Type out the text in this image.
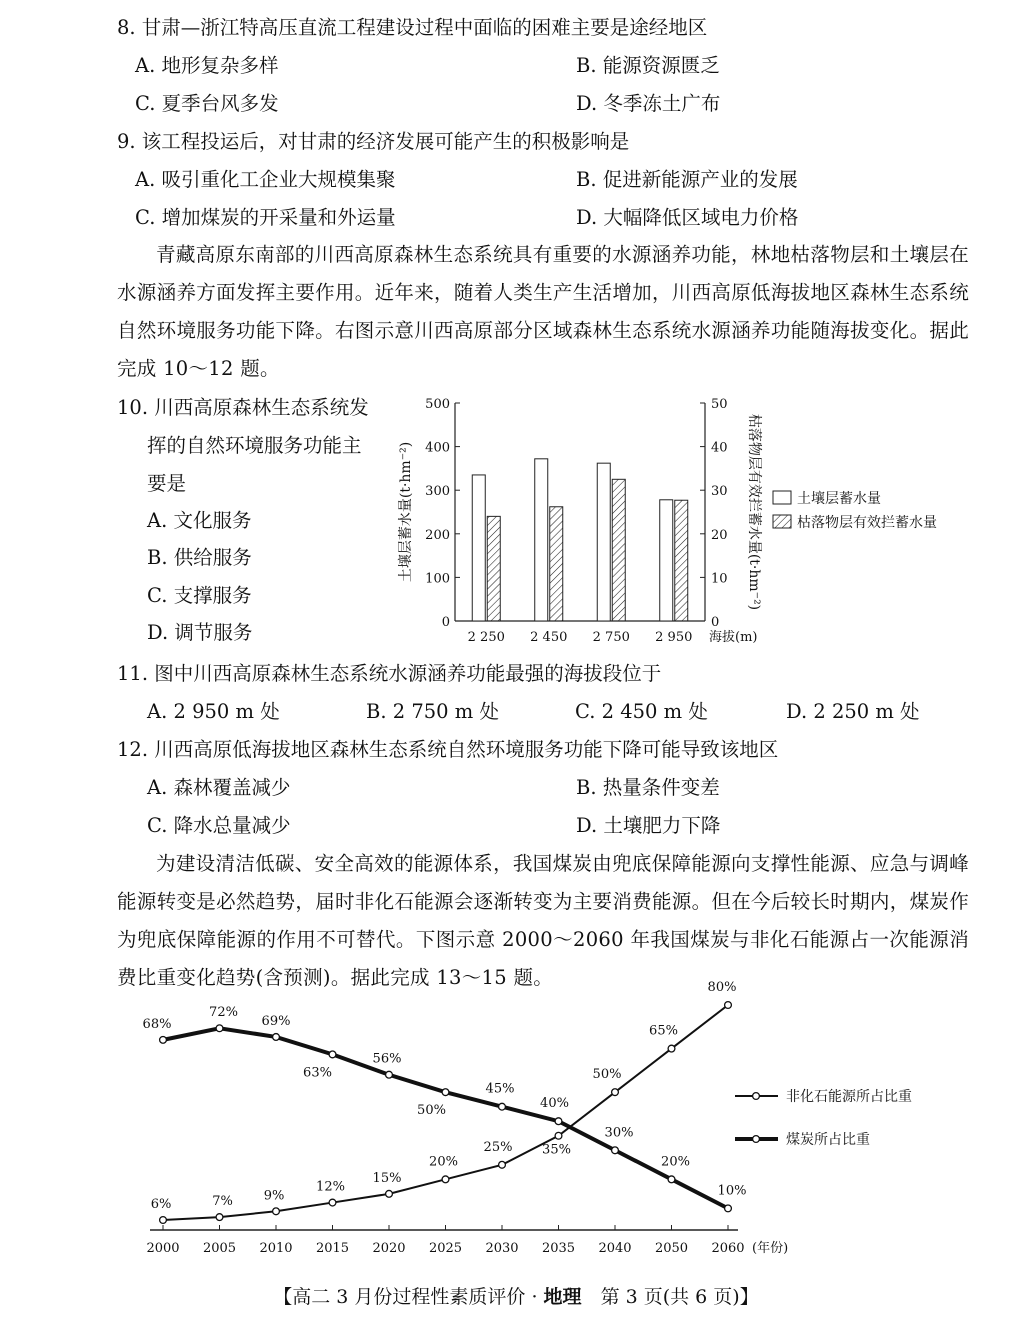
8. 甘肃—浙江特高压直流工程建设过程中面临的困难主要是途经地区
A. 地形复杂多样	B. 能源资源匮乏
C. 夏季台风多发	D. 冬季冻土广布
9. 该工程投运后，对甘肃的经济发展可能产生的积极影响是
A. 吸引重化工企业大规模集聚	B. 促进新能源产业的发展
C. 增加煤炭的开采量和外运量	D. 大幅降低区域电力价格
青藏高原东南部的川西高原森林生态系统具有重要的水源涵养功能，林地枯落物层和土壤层在水源涵养方面发挥主要作用。近年来，随着人类生产生活增加，川西高原低海拔地区森林生态系统自然环境服务功能下降。右图示意川西高原部分区域森林生态系统水源涵养功能随海拔变化。据此完成 10～12 题。
10. 川西高原森林生态系统发
挥的自然环境服务功能主
要是
A. 文化服务
B. 供给服务
C. 支撑服务
D. 调节服务	0
100
200
300
400
500
0
10
20
30
40
50
2 250 2 450 2 750 2 950 海拔(m)
土壤层蓄水量(t·hm⁻²)	枯落物层有效拦蓄水量(t·hm⁻²)	土壤层蓄水量
枯落物层有效拦蓄水量
11. 图中川西高原森林生态系统水源涵养功能最强的海拔段位于
A. 2 950 m 处	B. 2 750 m 处	C. 2 450 m 处	D. 2 250 m 处
12. 川西高原低海拔地区森林生态系统自然环境服务功能下降可能导致该地区
A. 森林覆盖减少	B. 热量条件变差
C. 降水总量减少	D. 土壤肥力下降
为建设清洁低碳、安全高效的能源体系，我国煤炭由兜底保障能源向支撑性能源、应急与调峰能源转变是必然趋势，届时非化石能源会逐渐转变为主要消费能源。但在今后较长时期内，煤炭作为兜底保障能源的作用不可替代。下图示意 2000～2060 年我国煤炭与非化石能源占一次能源消费比重变化趋势(含预测)。据此完成 13～15 题。
2000 2005 2010 2015 2020 2025 2030 2035 2040 2050 2060 (年份)
6%	7% 9%
12%
15%
20%
25% 35%
50%
65%
80%
68%
72%
69%
63%
56%
50%
45%
40%
30%
20%
10%
非化石能源所占比重
煤炭所占比重
【高二 3 月份过程性素质评价 · 地理　第 3 页(共 6 页)】
